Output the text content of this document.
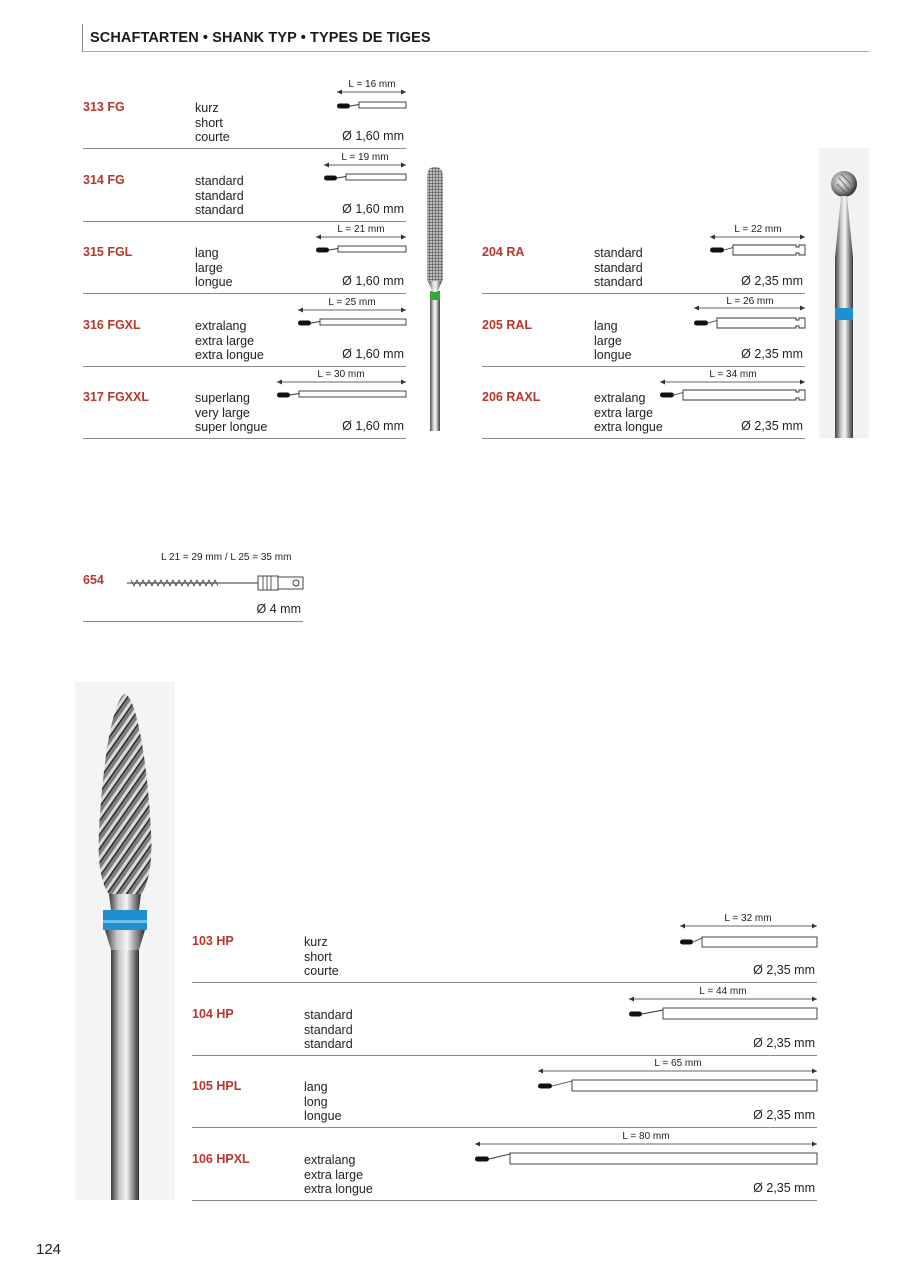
SCHAFTARTEN • SHANK TYP • TYPES DE TIGES
L = 16 mm
313 FG	kurz
short
courte	Ø 1,60 mm
L = 19 mm
314 FG	standard
standard
standard	Ø 1,60 mm
L = 21 mm
315 FGL	lang
large
longue	Ø 1,60 mm
L = 25 mm
316 FGXL	extralang
extra large
extra longue	Ø 1,60 mm
L = 30 mm
317 FGXXL	superlang
very large
super longue	Ø 1,60 mm
L = 22 mm
204 RA	standard
standard
standard	Ø 2,35 mm
L = 26 mm
205 RAL	lang
large
longue	Ø 2,35 mm
L = 34 mm
206 RAXL	extralang
extra large
extra longue	Ø 2,35 mm
L 21 = 29 mm / L 25 = 35 mm
654
Ø 4 mm
L = 32 mm
103 HP	kurz
short
courte	Ø 2,35 mm
L = 44 mm
104 HP	standard
standard
standard	Ø 2,35 mm
L = 65 mm
105 HPL	lang
long
longue	Ø 2,35 mm
L = 80 mm
106 HPXL	extralang
extra large
extra longue	Ø 2,35 mm
124
